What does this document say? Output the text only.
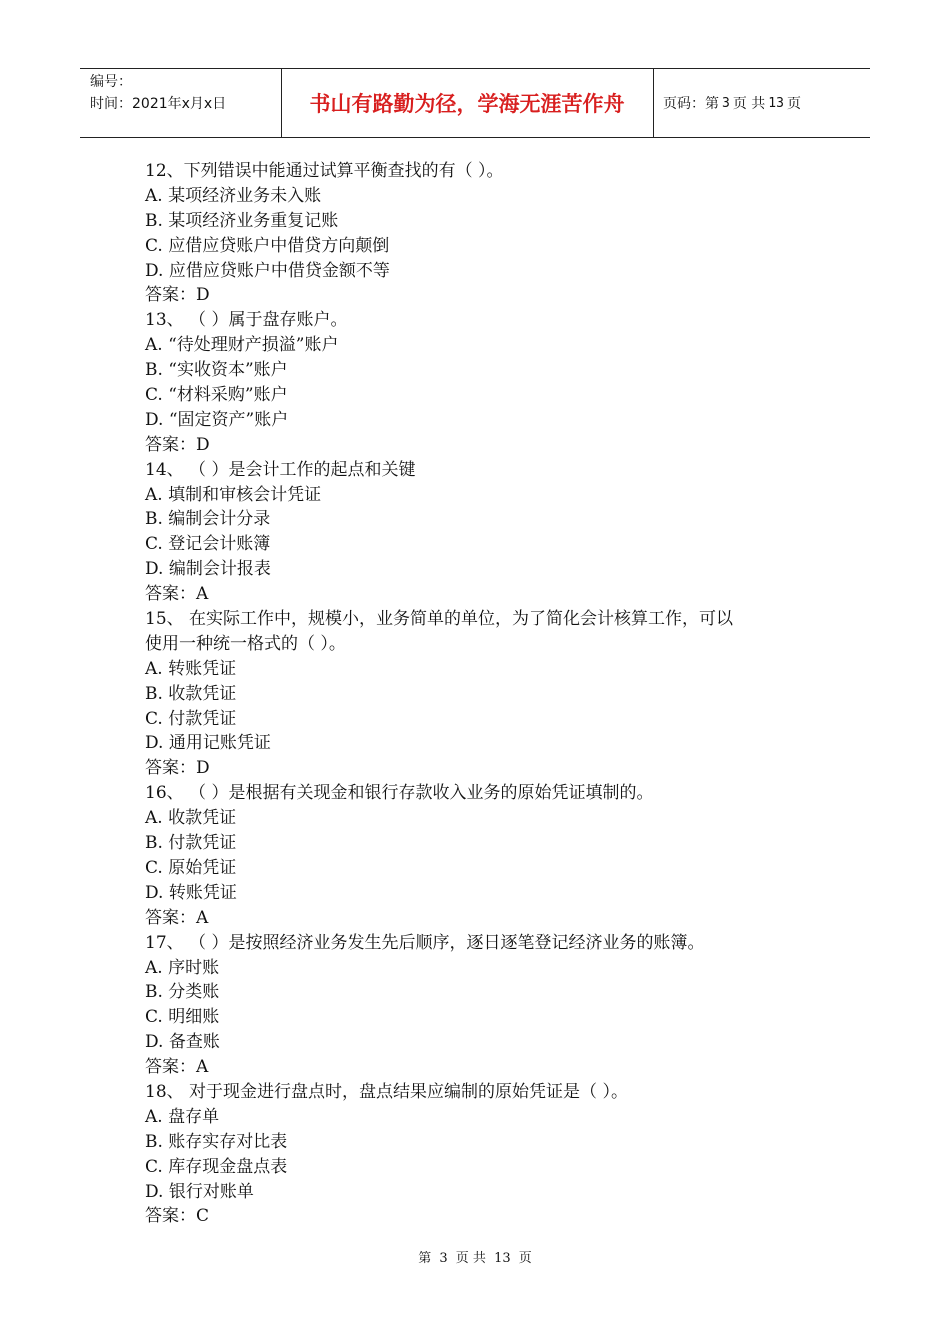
编号：
时间：2021年x月x日	书山有路勤为径，学海无涯苦作舟	页码：第 3 页 共 13 页
12、下列错误中能通过试算平衡查找的有（ ）。
A. 某项经济业务未入账
B. 某项经济业务重复记账
C. 应借应贷账户中借贷方向颠倒
D. 应借应贷账户中借贷金额不等
答案：D
13、 （ ）属于盘存账户。
A. “待处理财产损溢”账户
B. “实收资本”账户
C. “材料采购”账户
D. “固定资产”账户
答案：D
14、 （ ）是会计工作的起点和关键
A. 填制和审核会计凭证
B. 编制会计分录
C. 登记会计账簿
D. 编制会计报表
答案：A
15、 在实际工作中，规模小，业务简单的单位，为了简化会计核算工作，可以
使用一种统一格式的（ ）。
A. 转账凭证
B. 收款凭证
C. 付款凭证
D. 通用记账凭证
答案：D
16、 （ ）是根据有关现金和银行存款收入业务的原始凭证填制的。
A. 收款凭证
B. 付款凭证
C. 原始凭证
D. 转账凭证
答案：A
17、 （ ）是按照经济业务发生先后顺序，逐日逐笔登记经济业务的账簿。
A. 序时账
B. 分类账
C. 明细账
D. 备查账
答案：A
18、 对于现金进行盘点时，盘点结果应编制的原始凭证是（ ）。
A. 盘存单
B. 账存实存对比表
C. 库存现金盘点表
D. 银行对账单
答案：C
第 3 页 共 13 页
